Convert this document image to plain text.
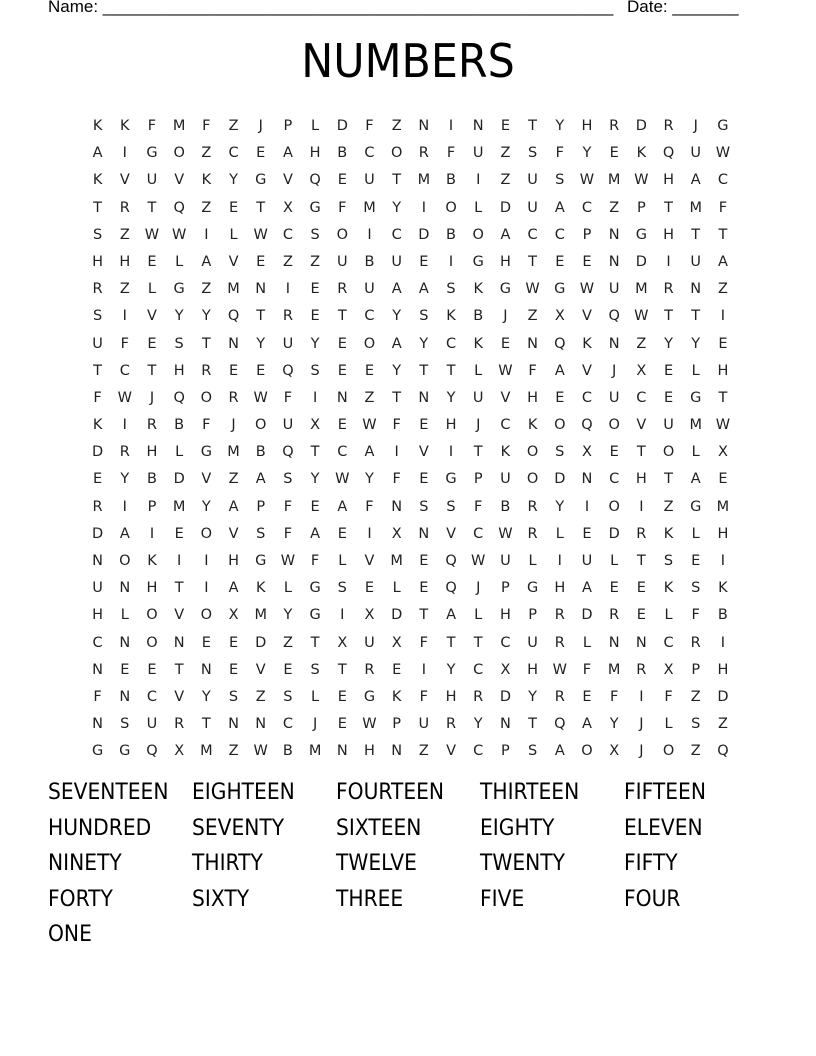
Name: ______________________________________________________ Date: _______
NUMBERS
K	K	F	M	F	Z	J	P	L	D	F	Z	N	I	N	E	T	Y	H	R	D	R	J	G
A	I	G	O	Z	C	E	A	H	B	C	O	R	F	U	Z	S	F	Y	E	K	Q	U	W
K	V	U	V	K	Y	G	V	Q	E	U	T	M	B	I	Z	U	S	W M W	H	A	C
T	R	T	Q	Z	E	T	X	G	F	M	Y	I	O	L	D	U	A	C	Z	P	T	M	F
S	Z	W W	I	L	W	C	S	O	I	C	D	B	O	A	C	C	P	N	G	H	T	T
H	H	E	L	A	V	E	Z	Z	U	B	U	E	I	G	H	T	E	E	N	D	I	U	A
R	Z	L	G	Z	M	N	I	E	R	U	A	A	S	K	G W G W	U	M	R	N	Z
S	I	V	Y	Y	Q	T	R	E	T	C	Y	S	K	B	J	Z	X	V	Q W	T	T	I
U	F	E	S	T	N	Y	U	Y	E	O	A	Y	C	K	E	N	Q	K	N	Z	Y	Y	E
T	C	T	H	R	E	E	Q	S	E	E	Y	T	T	L	W	F	A	V	J	X	E	L	H
F	W	J	Q	O	R	W	F	I	N	Z	T	N	Y	U	V	H	E	C	U	C	E	G	T
K	I	R	B	F	J	O	U	X	E	W	F	E	H	J	C	K	O	Q	O	V	U	M W
D	R	H	L	G	M	B	Q	T	C	A	I	V	I	T	K	O	S	X	E	T	O	L	X
E	Y	B	D	V	Z	A	S	Y	W	Y	F	E	G	P	U	O	D	N	C	H	T	A	E
R	I	P	M	Y	A	P	F	E	A	F	N	S	S	F	B	R	Y	I	O	I	Z	G	M
D	A	I	E	O	V	S	F	A	E	I	X	N	V	C	W	R	L	E	D	R	K	L	H
N	O	K	I	I	H	G W	F	L	V	M	E	Q W	U	L	I	U	L	T	S	E	I
U	N	H	T	I	A	K	L	G	S	E	L	E	Q	J	P	G	H	A	E	E	K	S	K
H	L	O	V	O	X	M	Y	G	I	X	D	T	A	L	H	P	R	D	R	E	L	F	B
C	N	O	N	E	E	D	Z	T	X	U	X	F	T	T	C	U	R	L	N	N	C	R	I
N	E	E	T	N	E	V	E	S	T	R	E	I	Y	C	X	H	W	F	M	R	X	P	H
F	N	C	V	Y	S	Z	S	L	E	G	K	F	H	R	D	Y	R	E	F	I	F	Z	D
N	S	U	R	T	N	N	C	J	E	W	P	U	R	Y	N	T	Q	A	Y	J	L	S	Z
G	G	Q	X	M	Z	W	B	M	N	H	N	Z	V	C	P	S	A	O	X	J	O	Z	Q
SEVENTEEN EIGHTEEN FOURTEEN THIRTEEN FIFTEEN
HUNDRED SEVENTY SIXTEEN	EIGHTY	ELEVEN
NINETY	THIRTY	TWELVE	TWENTY	FIFTY
FORTY	SIXTY	THREE	FIVE	FOUR
ONE
